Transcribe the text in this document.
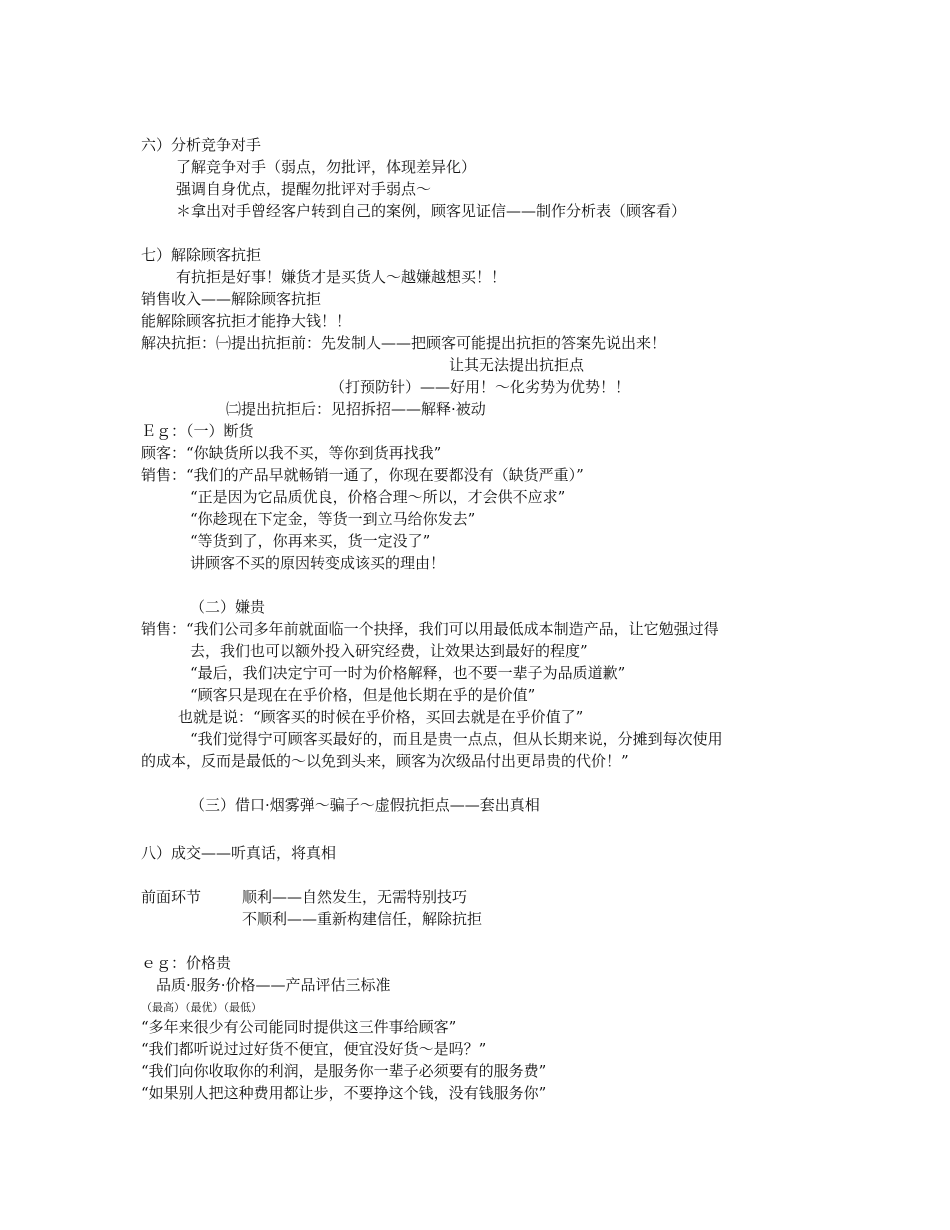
六）分析竞争对手
了解竞争对手（弱点，勿批评，体现差异化）
强调自身优点，提醒勿批评对手弱点～
＊拿出对手曾经客户转到自己的案例，顾客见证信——制作分析表（顾客看）
七）解除顾客抗拒
有抗拒是好事！嫌货才是买货人～越嫌越想买！！
销售收入——解除顾客抗拒
能解除顾客抗拒才能挣大钱！！
解决抗拒：㈠提出抗拒前：先发制人——把顾客可能提出抗拒的答案先说出来！
让其无法提出抗拒点
（打预防针）——好用！～化劣势为优势！！
㈡提出抗拒后：见招拆招——解释·被动
Ｅｇ：（一）断货
顾客：“你缺货所以我不买，等你到货再找我”
销售：“我们的产品早就畅销一通了，你现在要都没有（缺货严重）”
“正是因为它品质优良，价格合理～所以，才会供不应求”
“你趁现在下定金，等货一到立马给你发去”
“等货到了，你再来买，货一定没了”
讲顾客不买的原因转变成该买的理由！
（二）嫌贵
销售：“我们公司多年前就面临一个抉择，我们可以用最低成本制造产品，让它勉强过得
去，我们也可以额外投入研究经费，让效果达到最好的程度”
“最后，我们决定宁可一时为价格解释，也不要一辈子为品质道歉”
“顾客只是现在在乎价格，但是他长期在乎的是价值”
也就是说：“顾客买的时候在乎价格，买回去就是在乎价值了”
“我们觉得宁可顾客买最好的，而且是贵一点点，但从长期来说，分摊到每次使用
的成本，反而是最低的～以免到头来，顾客为次级品付出更昂贵的代价！”
（三）借口·烟雾弹～骗子～虚假抗拒点——套出真相
八）成交——听真话，将真相
前面环节	顺利——自然发生，无需特别技巧
不顺利——重新构建信任，解除抗拒
ｅｇ：价格贵
品质·服务·价格——产品评估三标准
（最高）（最优）（最低）
“多年来很少有公司能同时提供这三件事给顾客”
“我们都听说过过好货不便宜，便宜没好货～是吗？”
“我们向你收取你的利润，是服务你一辈子必须要有的服务费”
“如果别人把这种费用都让步，不要挣这个钱，没有钱服务你”
